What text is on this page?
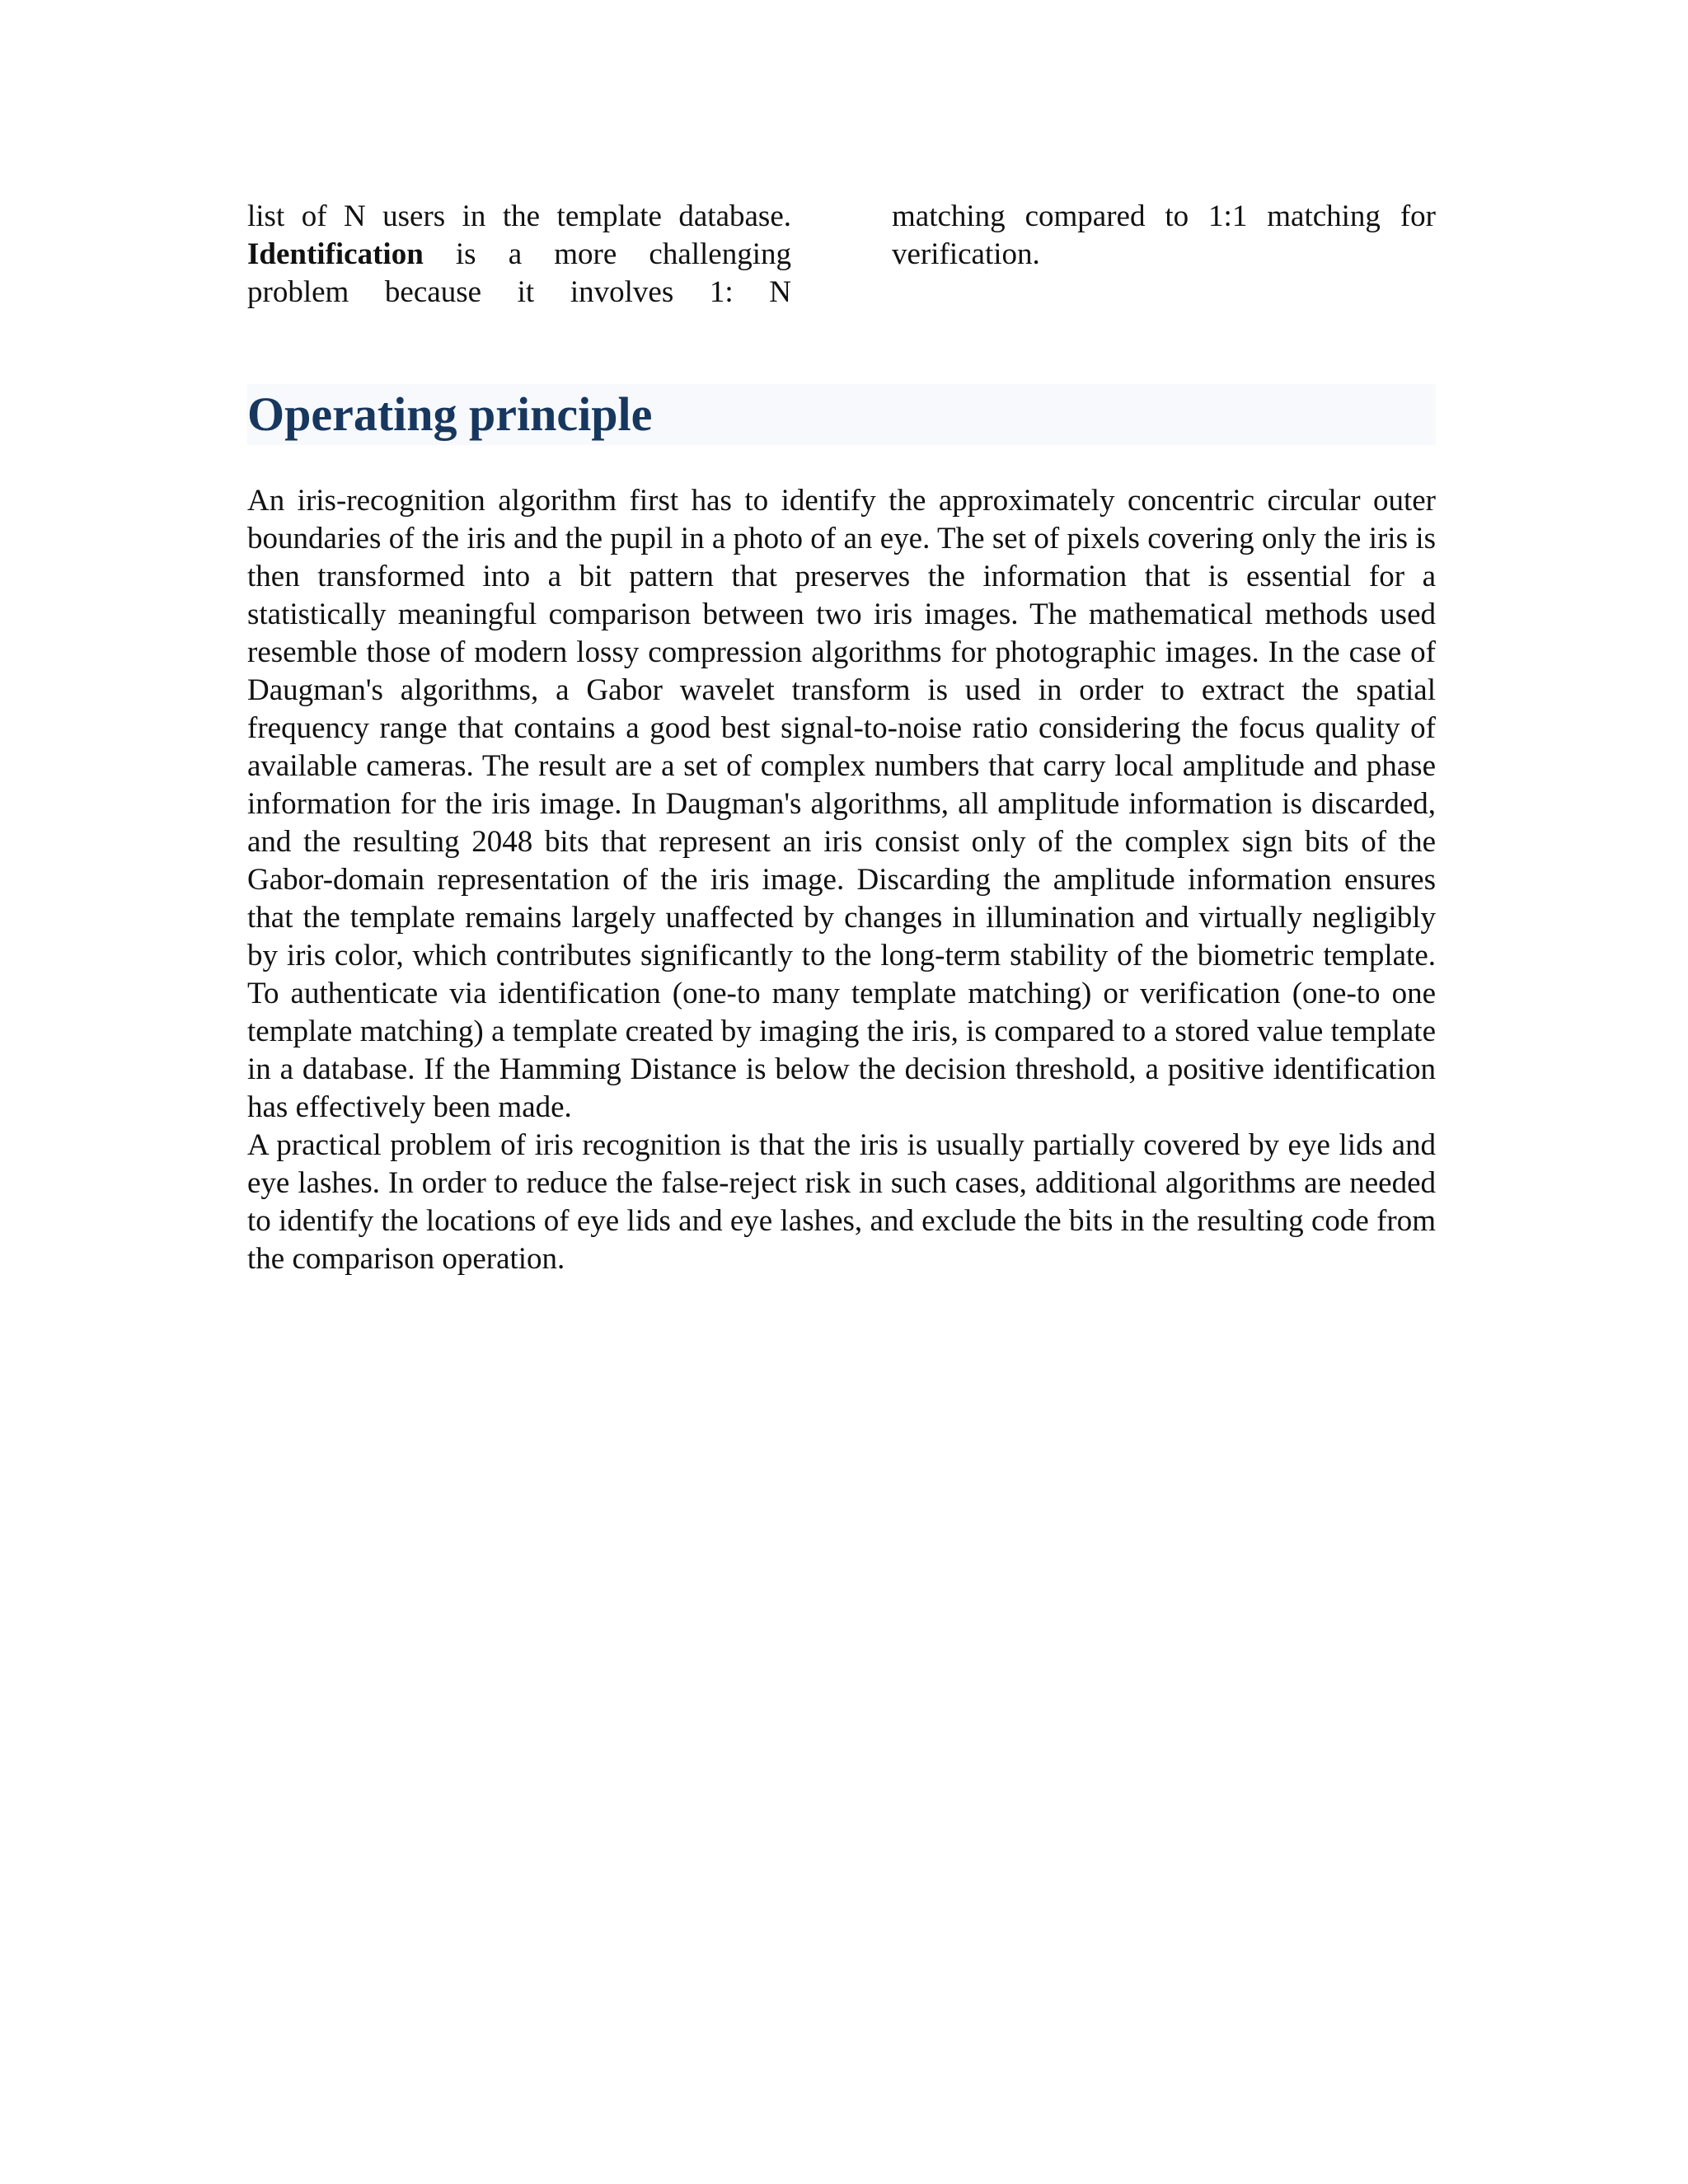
list of N users in the template database. Identification is a more challenging problem because it involves 1: N

matching compared to 1:1 matching for verification.

Operating principle

An iris-recognition algorithm first has to identify the approximately concentric circular outer boundaries of the iris and the pupil in a photo of an eye. The set of pixels covering only the iris is then transformed into a bit pattern that preserves the information that is essential for a statistically meaningful comparison between two iris images. The mathematical methods used resemble those of modern lossy compression algorithms for photographic images. In the case of Daugman's algorithms, a Gabor wavelet transform is used in order to extract the spatial frequency range that contains a good best signal-to-noise ratio considering the focus quality of available cameras. The result are a set of complex numbers that carry local amplitude and phase information for the iris image. In Daugman's algorithms, all amplitude information is discarded, and the resulting 2048 bits that represent an iris consist only of the complex sign bits of the Gabor-domain representation of the iris image. Discarding the amplitude information ensures that the template remains largely unaffected by changes in illumination and virtually negligibly by iris color, which contributes significantly to the long-term stability of the biometric template. To authenticate via identification (one-to many template matching) or verification (one-to one template matching) a template created by imaging the iris, is compared to a stored value template in a database. If the Hamming Distance is below the decision threshold, a positive identification has effectively been made.

A practical problem of iris recognition is that the iris is usually partially covered by eye lids and eye lashes. In order to reduce the false-reject risk in such cases, additional algorithms are needed to identify the locations of eye lids and eye lashes, and exclude the bits in the resulting code from the comparison operation.
